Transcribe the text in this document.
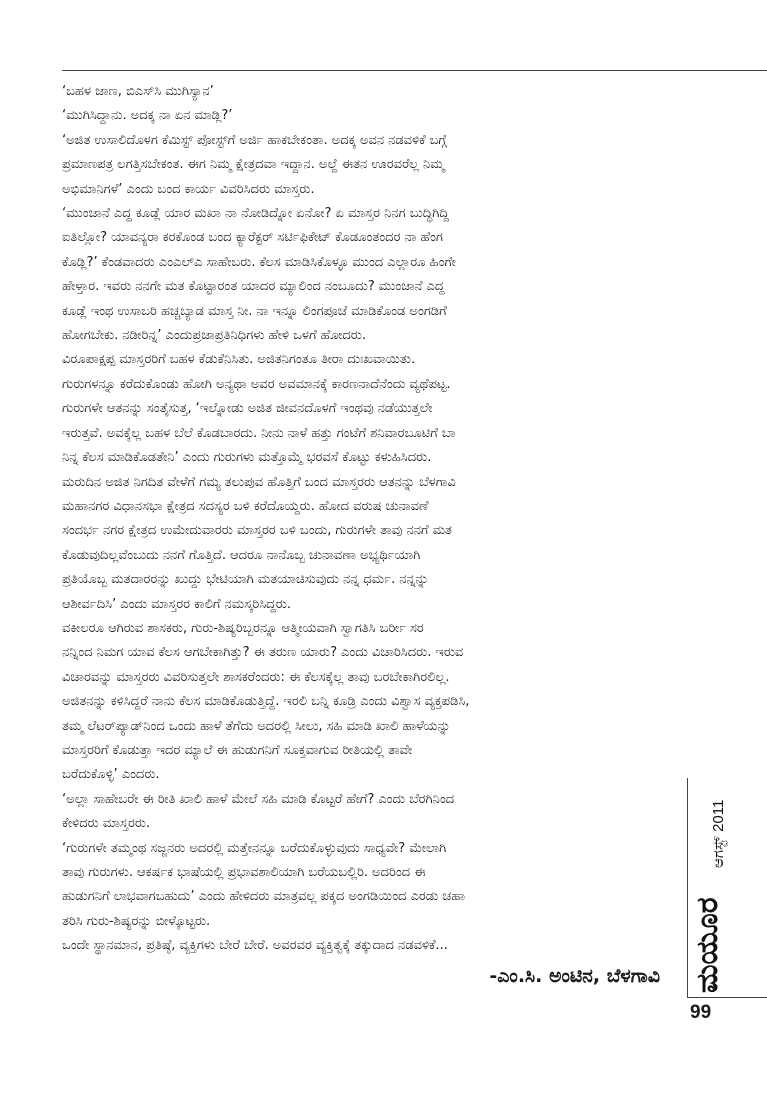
‘ಬಹಳ ಜಾಣ, ಬಿಎಸ್‌ಸಿ ಮುಗಿಸ್ಯಾನ’
‘ಮುಗಿಸಿದ್ದಾನು. ಅದಕ್ಕ ನಾ ಏನ ಮಾಡ್ಲಿ?’
‘ಅಜಿತ ಉಸಾಲಿದೊಳಗ ಕೆಮಿಸ್ಟ್ ಪೋಸ್ಟ್‌ಗೆ ಅರ್ಜಿ ಹಾಕಬೇಕಂತಾ. ಅದಕ್ಕ ಅವನ ನಡವಳಿಕೆ ಬಗ್ಗೆ
ಪ್ರಮಾಣಪತ್ರ ಲಗತ್ತಿಸಬೇಕಂತ. ಈಗ ನಿಮ್ಮ ಕ್ಷೇತ್ರದವಾ ಇದ್ದಾನ. ಅಲ್ದೆ ಈತನ ಊರವರೆಲ್ಲ ನಿಮ್ಮ
ಅಭಿಮಾನಿಗಳೆ’ ಎಂದು ಬಂದ ಕಾರ್ಯ ವಿವರಿಸಿದರು ಮಾಸ್ತರು.
‘ಮುಂಜಾನೆ ಎದ್ದ ಕೂಡ್ಲೆ ಯಾರ ಮಖಾ ನಾ ನೋಡಿದ್ನೋ ಏನೋ? ಏ ಮಾಸ್ತರ ನಿನಗ ಬುದ್ಧಿಗಿದ್ದಿ
ಐತಿಲ್ಲೋ? ಯಾವನ್ಯರಾ ಕರಕೊಂಡ ಬಂದ ಕ್ಯಾರೆಕ್ಟರ್ ಸರ್ಟಿಫಿಕೇಟ್ ಕೊಡೂಂತಂದರ ನಾ ಹೆಂಗ
ಕೊಡ್ಲಿ?’ ಕೆಂಡವಾದರು ಎಂಎಲ್‌ಎ ಸಾಹೇಬರು. ಕೆಲಸ ಮಾಡಿಸಿಕೊಳ್ಳೂ ಮುಂದ ಎಲ್ಲಾರೂ ಹಿಂಗೇ
ಹೇಳ್ತಾರ. ಇವರು ನನಗೇ ಮತ ಕೊಟ್ಟಾರಂತ ಯಾದರ ಮ್ಯಾಲಿಂದ ನಂಬೂದು? ಮುಂಜಾನೆ ಎದ್ದ
ಕೂಡ್ಲೆ ಇಂಥ ಉಸಾಬರಿ ಹಚ್ಚಬ್ಯಾಡ ಮಾಸ್ತ ನೀ. ನಾ ಇನ್ನೂ ಲಿಂಗಪೂಜೆ ಮಾಡಿಕೊಂಡ ಅಂಗಡಿಗೆ
ಹೋಗಬೇಕು. ನಡೀರಿನ್ನ’ ಎಂದುಪ್ರಜಾಪ್ರತಿನಿಧಿಗಳು ಹೇಳಿ ಒಳಗೆ ಹೋದರು.
ವಿರೂಪಾಕ್ಷಪ್ಪ ಮಾಸ್ತರರಿಗೆ ಬಹಳ ಕೆಡುಕೆನಿಸಿತು. ಅಜಿತನಿಗಂತೂ ತೀರಾ ದುಃಖವಾಯಿತು.
ಗುರುಗಳನ್ನೂ ಕರೆದುಕೊಂಡು ಹೋಗಿ ಅನ್ಯಥಾ ಅವರ ಅವಮಾನಕ್ಕೆ ಕಾರಣನಾದೆನೆಂದು ವ್ಯಥೆಪಟ್ಟ.
ಗುರುಗಳೇ ಆತನನ್ನು ಸಂತೈಸುತ್ತ, ‘ಇಲ್ನೋಡು ಅಜಿತ ಜೀವನದೊಳಗೆ ಇಂಥವು ನಡೆಯುತ್ತಲೇ
ಇರುತ್ತವೆ. ಅವಕ್ಕೆಲ್ಲ ಬಹಳ ಬೆಲೆ ಕೊಡಬಾರದು. ನೀನು ನಾಳೆ ಹತ್ತು ಗಂಟೆಗೆ ಶನಿವಾರಬೂಟಿಗೆ ಬಾ
ನಿನ್ನ ಕೆಲಸ ಮಾಡಿಕೊಡತೇನಿ’ ಎಂದು ಗುರುಗಳು ಮತ್ತೊಮ್ಮೆ ಭರವಸೆ ಕೊಟ್ಟು ಕಳುಹಿಸಿದರು.
ಮರುದಿನ ಅಜಿತ ನಿಗದಿತ ವೇಳೆಗೆ ಗಮ್ಯ ತಲುಪುವ ಹೊತ್ತಿಗೆ ಬಂದ ಮಾಸ್ತರರು ಆತನನ್ನು ಬೆಳಗಾವಿ
ಮಹಾನಗರ ವಿಧಾನಸಭಾ ಕ್ಷೇತ್ರದ ಸದಸ್ಯರ ಬಳಿ ಕರೆದೊಯ್ದರು. ಹೋದ ವರುಷ ಚುನಾವಣೆ
ಸಂದರ್ಭ ನಗರ ಕ್ಷೇತ್ರದ ಉಮೇದುವಾರರು ಮಾಸ್ತರರ ಬಳಿ ಬಂದು, ಗುರುಗಳೇ ತಾವು ನನಗೆ ಮತ
ಕೊಡುವುದಿಲ್ಲವೆಂಬುದು ನನಗೆ ಗೊತ್ತಿದೆ. ಆದರೂ ನಾನೊಬ್ಬ ಚುನಾವಣಾ ಅಭ್ಯರ್ಥಿಯಾಗಿ
ಪ್ರತಿಯೊಬ್ಬ ಮತದಾರರನ್ನು ಖುದ್ದು ಭೇಟಿಯಾಗಿ ಮತಯಾಚಿಸುವುದು ನನ್ನ ಧರ್ಮ. ನನ್ನನ್ನು
ಆಶೀರ್ವದಿಸಿ’ ಎಂದು ಮಾಸ್ತರರ ಕಾಲಿಗೆ ನಮಸ್ಕರಿಸಿದ್ದರು.
ವಕೀಲರೂ ಆಗಿರುವ ಶಾಸಕರು, ಗುರು-ಶಿಷ್ಯರಿಬ್ಬರನ್ನೂ ಆತ್ಮೀಯವಾಗಿ ಸ್ವಾಗತಿಸಿ ಬರ್ರೀ ಸರ
ನನ್ನಿಂದ ನಿಮಗ ಯಾವ ಕೆಲಸ ಆಗಬೇಕಾಗಿತ್ತು? ಈ ತರುಣ ಯಾರು? ಎಂದು ವಿಚಾರಿಸಿದರು. ಇರುವ
ವಿಚಾರವನ್ನು ಮಾಸ್ತರರು ವಿವರಿಸುತ್ತಲೇ ಶಾಸಕರೆಂದರು: ಈ ಕೆಲಸಕ್ಕೆಲ್ಲ ತಾವು ಬರಬೇಕಾಗಿರಲಿಲ್ಲ.
ಅಜಿತನನ್ನು ಕಳಿಸಿದ್ದರೆ ನಾನು ಕೆಲಸ ಮಾಡಿಕೊಡುತ್ತಿದ್ದೆ. ಇರಲಿ ಬನ್ನಿ ಕೂಡ್ರಿ ಎಂದು ವಿಶ್ವಾಸ ವ್ಯಕ್ತಪಡಿಸಿ,
ತಮ್ಮ ಲೆಟರ್‌ಪ್ಯಾಡ್‌ನಿಂದ ಒಂದು ಹಾಳೆ ತೆಗೆದು ಅದರಲ್ಲಿ ಸೀಲು, ಸಹಿ ಮಾಡಿ ಖಾಲಿ ಹಾಳೆಯನ್ನು
ಮಾಸ್ತರರಿಗೆ ಕೊಡುತ್ತಾ ಇದರ ಮ್ಯಾಲೆ ಈ ಹುಡುಗನಿಗೆ ಸೂಕ್ತವಾಗುವ ರೀತಿಯಲ್ಲಿ ತಾವೇ
ಬರೆದುಕೊಳ್ಳಿ’ ಎಂದರು.
‘ಅಲ್ಲಾ ಸಾಹೇಬರೇ ಈ ರೀತಿ ಖಾಲಿ ಹಾಳೆ ಮೇಲೆ ಸಹಿ ಮಾಡಿ ಕೊಟ್ಟರೆ ಹೇಗೆ? ಎಂದು ಬೆರಗಿನಿಂದ
ಕೇಳಿದರು ಮಾಸ್ತರರು.
‘ಗುರುಗಳೇ ತಮ್ಮಂಥ ಸಜ್ಜನರು ಅದರಲ್ಲಿ ಮತ್ತೇನನ್ನೂ ಬರೆದುಕೊಳ್ಳುವುದು ಸಾಧ್ಯವೇ? ಮೇಲಾಗಿ
ತಾವು ಗುರುಗಳು. ಆಕರ್ಷಕ ಭಾಷೆಯಲ್ಲಿ ಪ್ರಭಾವಶಾಲಿಯಾಗಿ ಬರೆಯಬಲ್ಲಿರಿ. ಅದರಿಂದ ಈ
ಹುಡುಗನಿಗೆ ಲಾಭವಾಗಬಹುದು’ ಎಂದು ಹೇಳಿದರು ಮಾತ್ರವಲ್ಲ ಪಕ್ಕದ ಅಂಗಡಿಯಿಂದ ಎರಡು ಚಹಾ
ತರಿಸಿ ಗುರು-ಶಿಷ್ಯರನ್ನು ಬೀಳ್ಕೊಟ್ಟರು.
ಒಂದೇ ಸ್ಥಾನಮಾನ, ಪ್ರತಿಷ್ಠೆ, ವ್ಯಕ್ತಿಗಳು ಬೇರೆ ಬೇರೆ. ಅವರವರ ವ್ಯಕ್ತಿತ್ವಕ್ಕೆ ತಕ್ಕುದಾದ ನಡವಳಿಕೆ...
-ಎಂ.ಸಿ. ಅಂಟಿನ, ಬೆಳಗಾವಿ
ಆಗಸ್ಟ್ 2011
ಮಯೂರ
99
